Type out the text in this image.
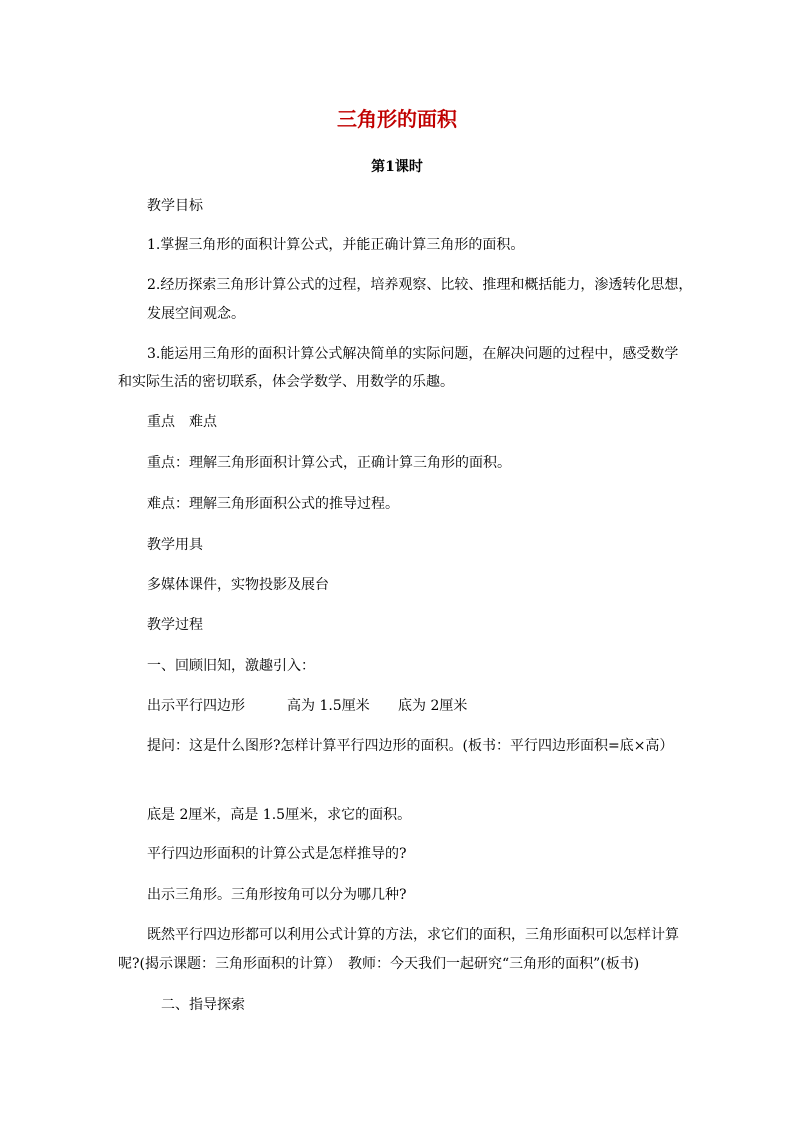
三角形的面积
第1课时
教学目标
1.掌握三角形的面积计算公式，并能正确计算三角形的面积。
2.经历探索三角形计算公式的过程，培养观察、比较、推理和概括能力，渗透转化思想，
发展空间观念。
3.能运用三角形的面积计算公式解决简单的实际问题，在解决问题的过程中，感受数学
和实际生活的密切联系，体会学数学、用数学的乐趣。
重点　难点
重点：理解三角形面积计算公式，正确计算三角形的面积。
难点：理解三角形面积公式的推导过程。
教学用具
多媒体课件，实物投影及展台
教学过程
一、回顾旧知，激趣引入：
出示平行四边形	高为 1.5厘米 底为 2厘米
提问：这是什么图形?怎样计算平行四边形的面积。(板书：平行四边形面积=底×高）
底是 2厘米，高是 1.5厘米，求它的面积。
平行四边形面积的计算公式是怎样推导的?
出示三角形。三角形按角可以分为哪几种?
既然平行四边形都可以利用公式计算的方法，求它们的面积，三角形面积可以怎样计算
呢?(揭示课题：三角形面积的计算）　教师：今天我们一起研究“三角形的面积”(板书)
二、指导探索
